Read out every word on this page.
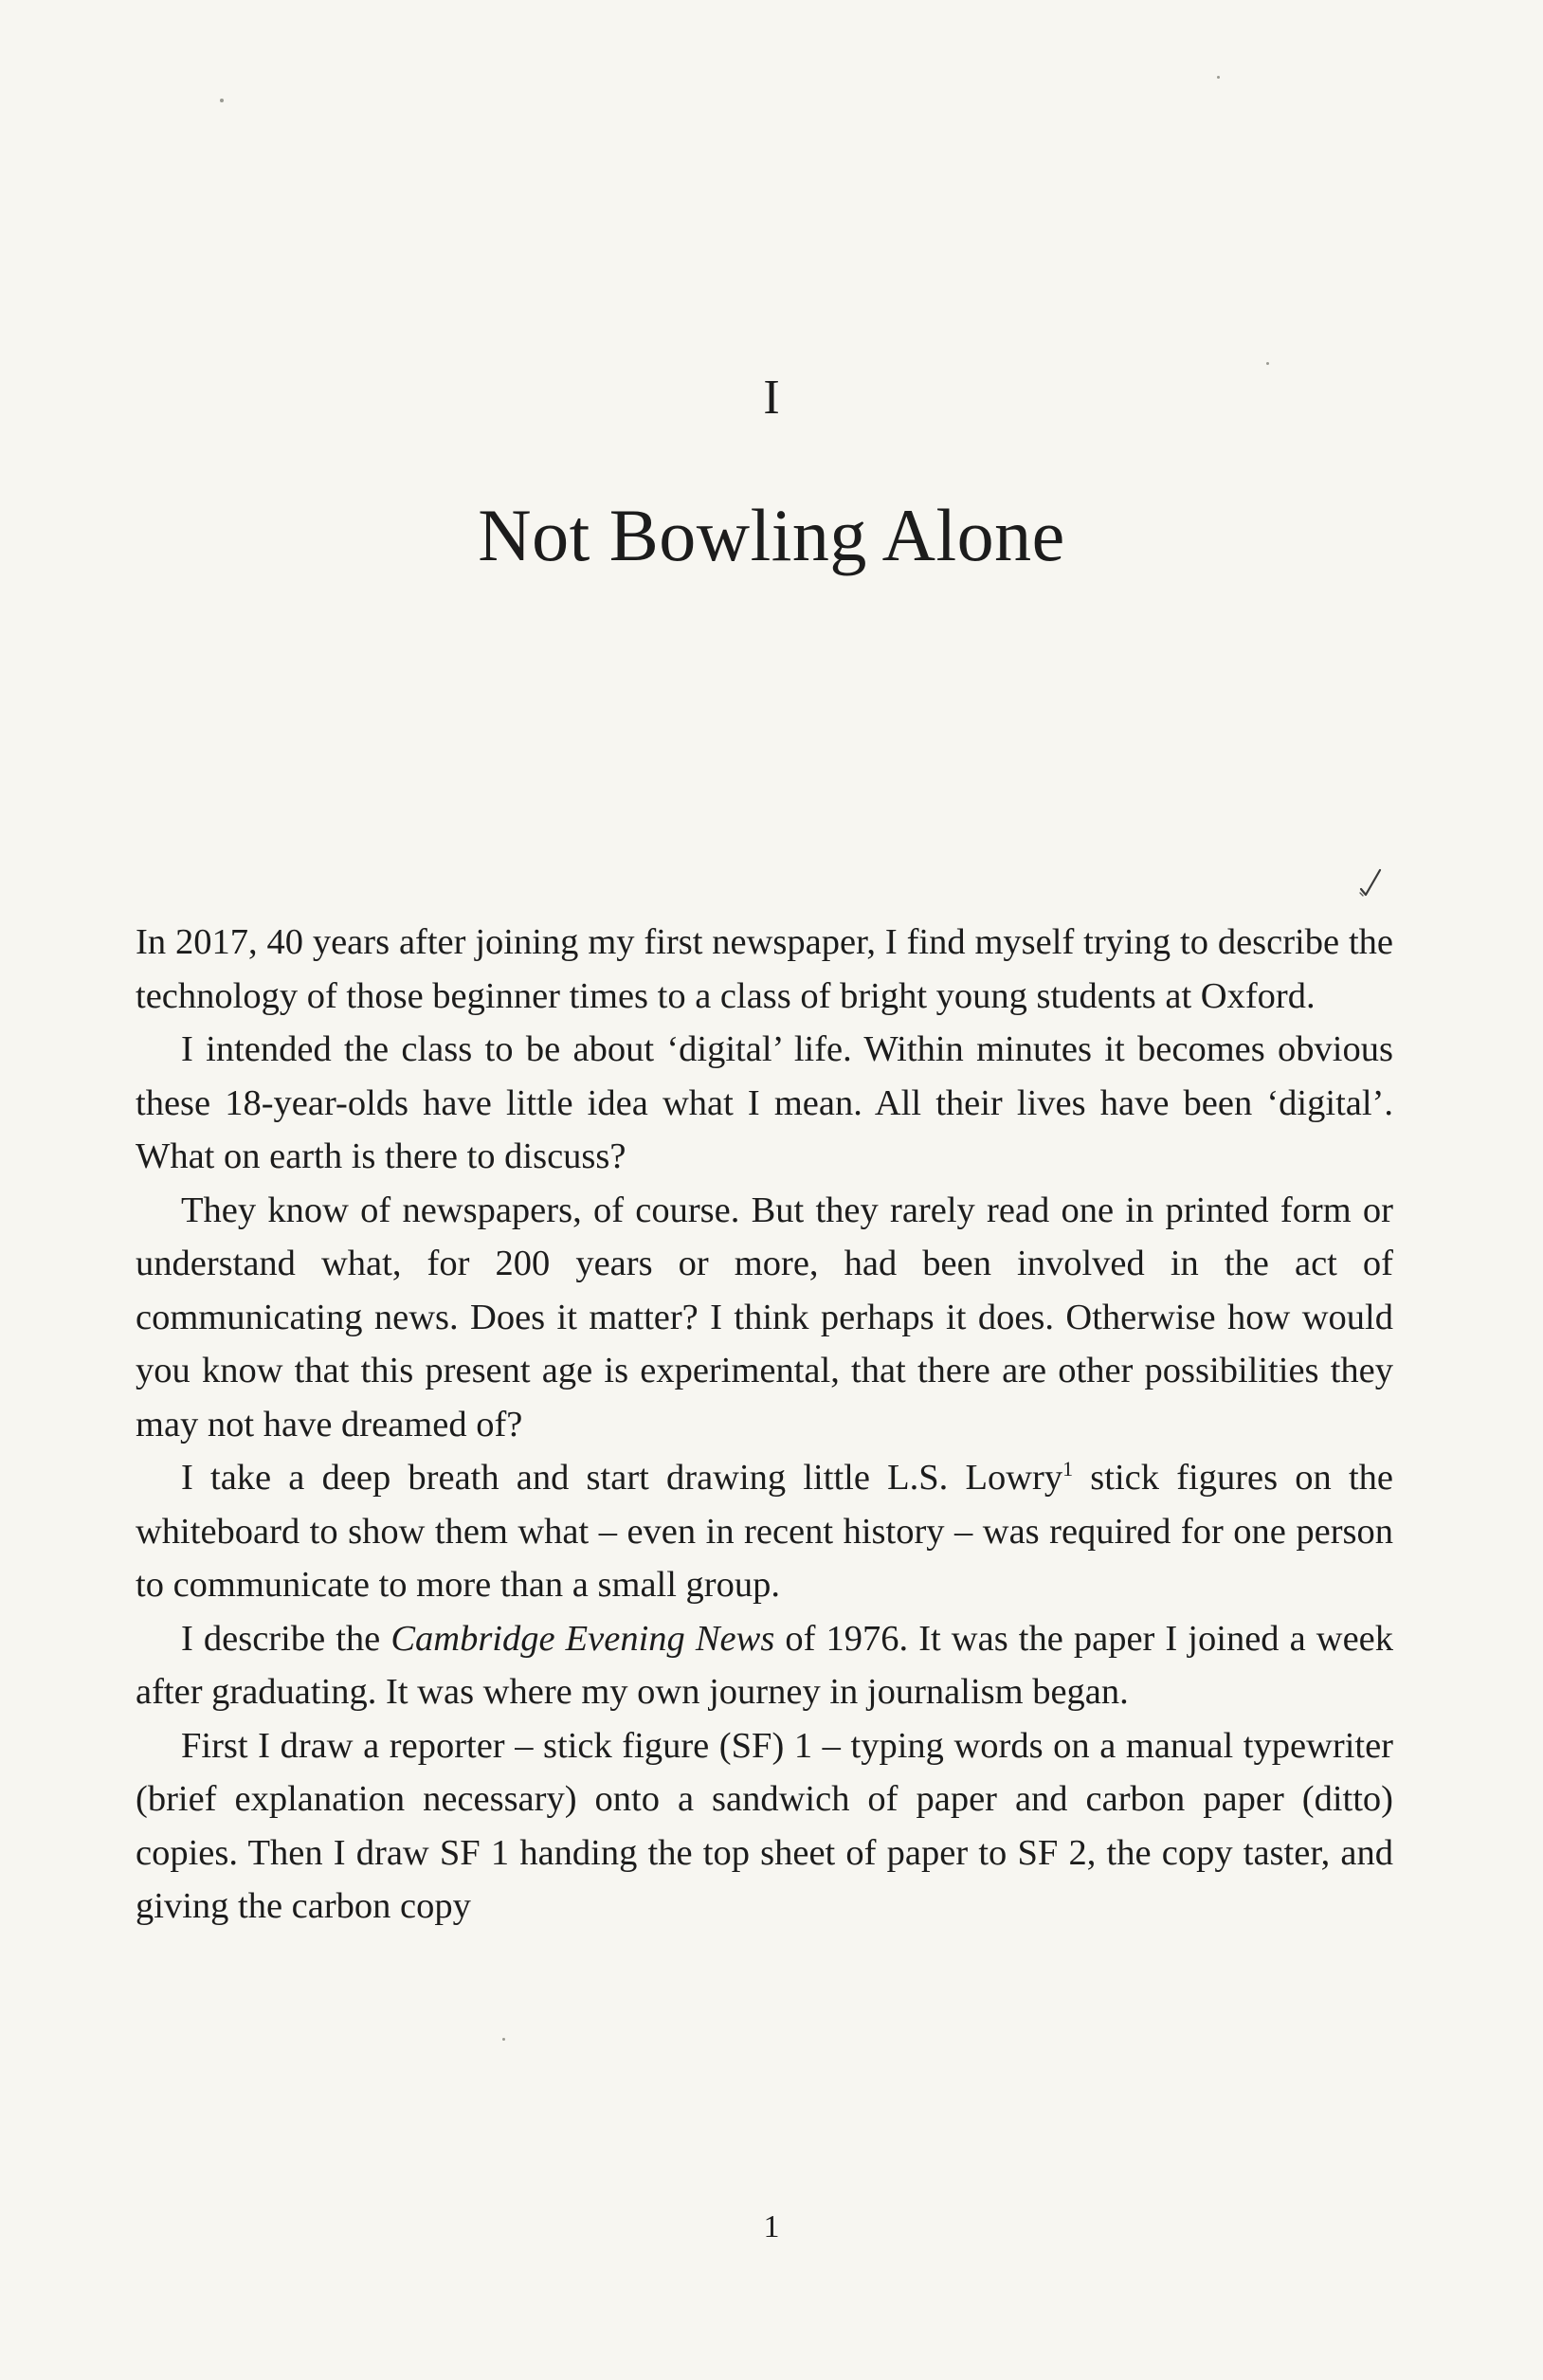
I
Not Bowling Alone

In 2017, 40 years after joining my first newspaper, I find myself trying to describe the technology of those beginner times to a class of bright young students at Oxford.

I intended the class to be about ‘digital’ life. Within minutes it becomes obvious these 18-year-olds have little idea what I mean. All their lives have been ‘digital’. What on earth is there to discuss?

They know of newspapers, of course. But they rarely read one in printed form or understand what, for 200 years or more, had been involved in the act of communicating news. Does it matter? I think perhaps it does. Otherwise how would you know that this present age is experimental, that there are other possibilities they may not have dreamed of?

I take a deep breath and start drawing little L.S. Lowry$^1$ stick figures on the whiteboard to show them what – even in recent history – was required for one person to communicate to more than a small group.

I describe the Cambridge Evening News of 1976. It was the paper I joined a week after graduating. It was where my own journey in journalism began.

First I draw a reporter – stick figure (SF) 1 – typing words on a manual typewriter (brief explanation necessary) onto a sandwich of paper and carbon paper (ditto) copies. Then I draw SF 1 handing the top sheet of paper to SF 2, the copy taster, and giving the carbon copy

1
